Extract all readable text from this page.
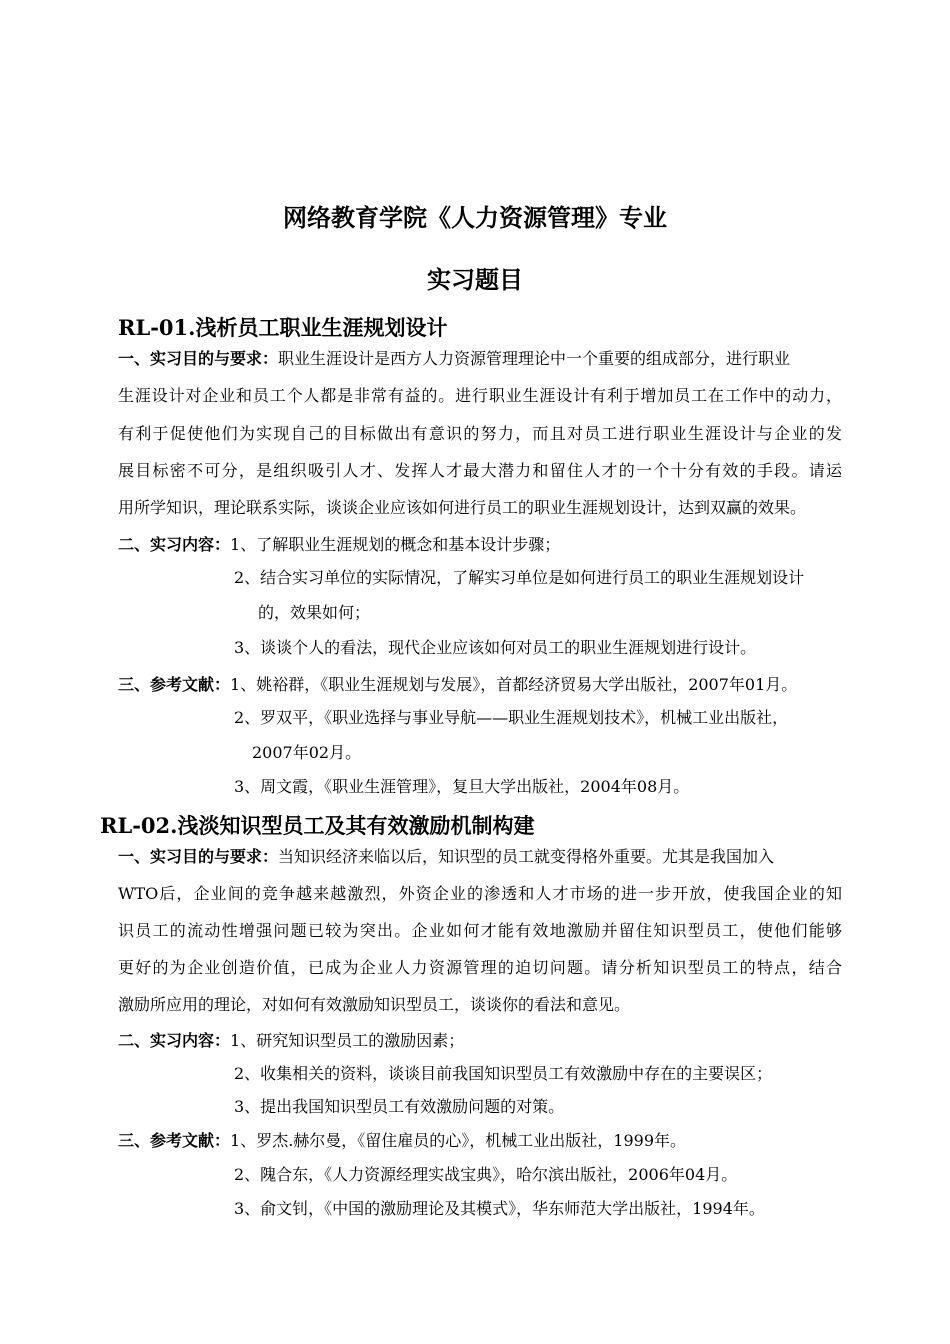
网络教育学院《人力资源管理》专业
实习题目
RL-01.浅析员工职业生涯规划设计
一、实习目的与要求：职业生涯设计是西方人力资源管理理论中一个重要的组成部分，进行职业
生涯设计对企业和员工个人都是非常有益的。进行职业生涯设计有利于增加员工在工作中的动力，
有利于促使他们为实现自己的目标做出有意识的努力，而且对员工进行职业生涯设计与企业的发
展目标密不可分，是组织吸引人才、发挥人才最大潜力和留住人才的一个十分有效的手段。请运
用所学知识，理论联系实际，谈谈企业应该如何进行员工的职业生涯规划设计，达到双赢的效果。
二、实习内容：1、了解职业生涯规划的概念和基本设计步骤；
2、结合实习单位的实际情况，了解实习单位是如何进行员工的职业生涯规划设计
的，效果如何；
3、谈谈个人的看法，现代企业应该如何对员工的职业生涯规划进行设计。
三、参考文献：1、姚裕群，《职业生涯规划与发展》，首都经济贸易大学出版社，2007年01月。
2、罗双平，《职业选择与事业导航——职业生涯规划技术》，机械工业出版社，
2007年02月。
3、周文霞，《职业生涯管理》，复旦大学出版社，2004年08月。
RL-02.浅淡知识型员工及其有效激励机制构建
一、实习目的与要求：当知识经济来临以后，知识型的员工就变得格外重要。尤其是我国加入
WTO后，企业间的竞争越来越激烈，外资企业的渗透和人才市场的进一步开放，使我国企业的知
识员工的流动性增强问题已较为突出。企业如何才能有效地激励并留住知识型员工，使他们能够
更好的为企业创造价值，已成为企业人力资源管理的迫切问题。请分析知识型员工的特点，结合
激励所应用的理论，对如何有效激励知识型员工，谈谈你的看法和意见。
二、实习内容：1、研究知识型员工的激励因素；
2、收集相关的资料，谈谈目前我国知识型员工有效激励中存在的主要误区；
3、提出我国知识型员工有效激励问题的对策。
三、参考文献：1、罗杰.赫尔曼，《留住雇员的心》，机械工业出版社，1999年。
2、隗合东，《人力资源经理实战宝典》，哈尔滨出版社，2006年04月。
3、俞文钊，《中国的激励理论及其模式》，华东师范大学出版社，1994年。
